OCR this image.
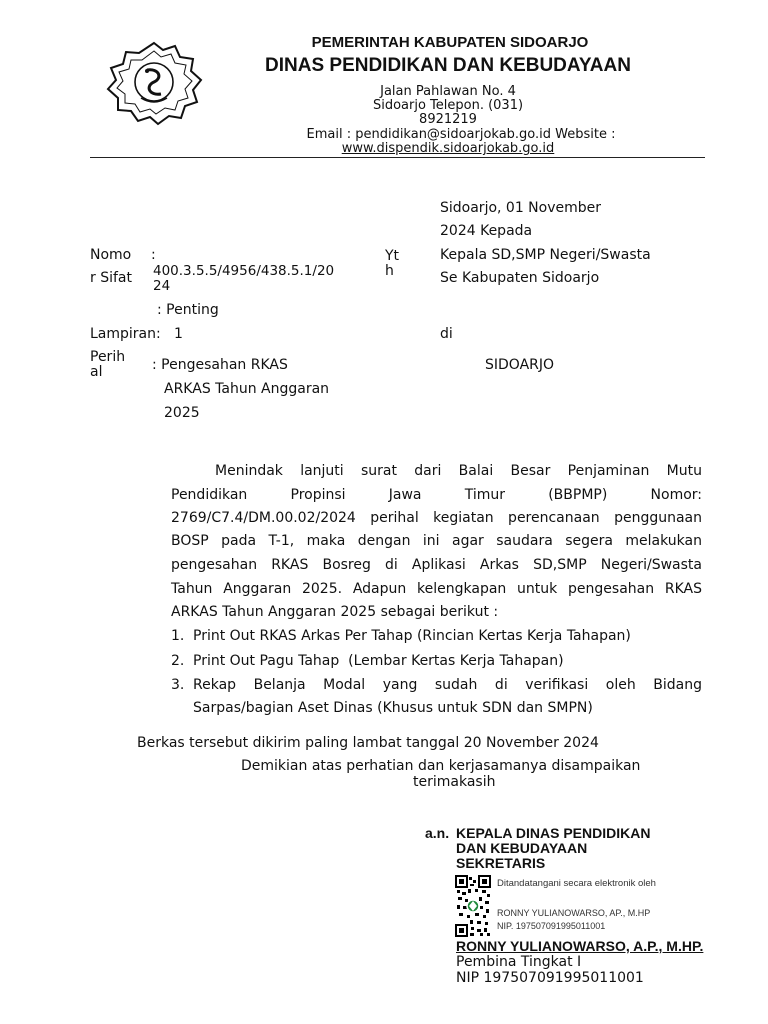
PEMERINTAH KABUPATEN SIDOARJO
DINAS PENDIDIKAN DAN KEBUDAYAAN
Jalan Pahlawan No. 4
Sidoarjo Telepon. (031)
8921219
Email : pendidikan@sidoarjokab.go.id Website :
www.dispendik.sidoarjokab.go.id
Sidoarjo, 01 November
2024 Kepada
Nomo :
r Sifat 400.3.5.5/4956/438.5.1/20
24
: Penting
Lampiran: 1
Perih
al	: Pengesahan RKAS
ARKAS Tahun Anggaran
2025
Yt
h
Kepala SD,SMP Negeri/Swasta
Se Kabupaten Sidoarjo
di
SIDOARJO
Menindak lanjuti surat dari Balai Besar Penjaminan Mutu
Pendidikan Propinsi Jawa Timur (BBPMP) Nomor:
2769/C7.4/DM.00.02/2024 perihal kegiatan perencanaan penggunaan
BOSP pada T-1, maka dengan ini agar saudara segera melakukan
pengesahan RKAS Bosreg di Aplikasi Arkas SD,SMP Negeri/Swasta
Tahun Anggaran 2025. Adapun kelengkapan untuk pengesahan RKAS
ARKAS Tahun Anggaran 2025 sebagai berikut :
1. Print Out RKAS Arkas Per Tahap (Rincian Kertas Kerja Tahapan)
2. Print Out Pagu Tahap  (Lembar Kertas Kerja Tahapan)
3. Rekap Belanja Modal yang sudah di verifikasi oleh Bidang
Sarpas/bagian Aset Dinas (Khusus untuk SDN dan SMPN)
Berkas tersebut dikirim paling lambat tanggal 20 November 2024
Demikian atas perhatian dan kerjasamanya disampaikan
terimakasih
a.n. KEPALA DINAS PENDIDIKAN
DAN KEBUDAYAAN
SEKRETARIS
Ditandatangani secara elektronik oleh
RONNY YULIANOWARSO, AP., M.HP
NIP. 197507091995011001
RONNY YULIANOWARSO, A.P., M.HP.
Pembina Tingkat I
NIP 197507091995011001
